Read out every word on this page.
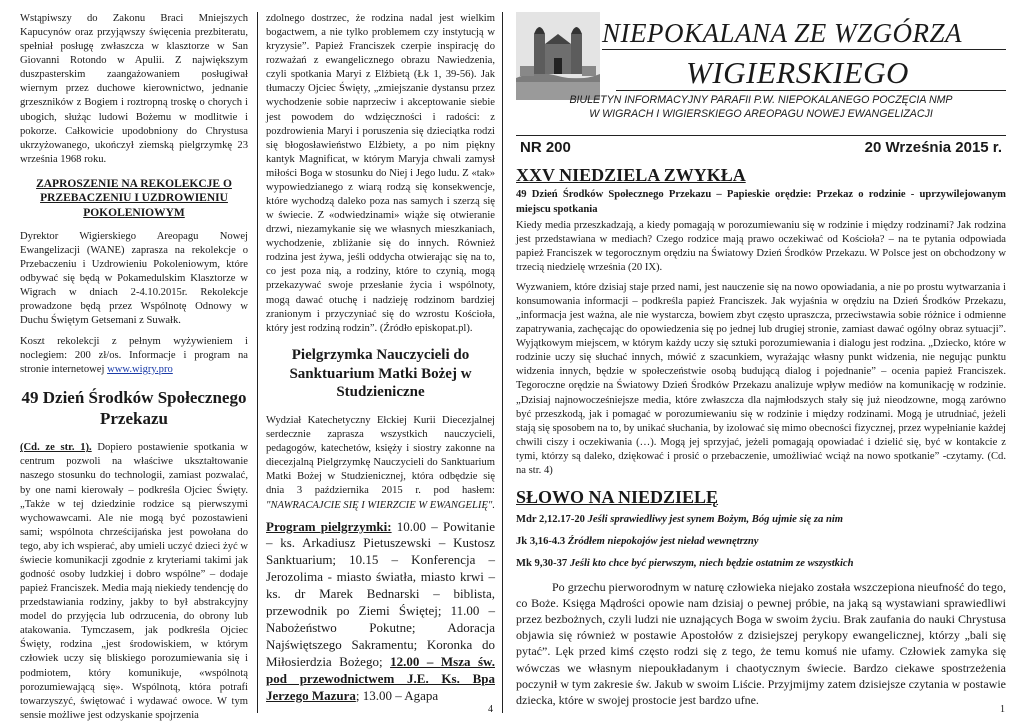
Wstąpiwszy do Zakonu Braci Mniejszych Kapucynów oraz przyjąwszy święcenia prezbiteratu, spełniał posługę zwłaszcza w klasztorze w San Giovanni Rotondo w Apulii. Z największym duszpasterskim zaangażowaniem posługiwał wiernym przez duchowe kierownictwo, jednanie grzeszników z Bogiem i roztropną troskę o chorych i ubogich, służąc ludowi Bożemu w modlitwie i pokorze. Całkowicie upodobniony do Chrystusa ukrzyżowanego, ukończył ziemską pielgrzymkę 23 września 1968 roku.

ZAPROSZENIE NA REKOLEKCJE O PRZEBACZENIU I UZDROWIENIU POKOLENIOWYM

Dyrektor Wigierskiego Areopagu Nowej Ewangelizacji (WANE) zaprasza na rekolekcje o Przebaczeniu i Uzdrowieniu Pokoleniowym, które odbywać się będą w Pokamedulskim Klasztorze w Wigrach w dniach 2-4.10.2015r. Rekolekcje prowadzone będą przez Wspólnotę Odnowy w Duchu Świętym Getsemani z Suwałk.

Koszt rekolekcji z pełnym wyżywieniem i noclegiem: 200 zł/os. Informacje i program na stronie internetowej www.wigry.pro

49 Dzień Środków Społecznego Przekazu

(Cd. ze str. 1). Dopiero postawienie spotkania w centrum pozwoli na właściwe ukształtowanie naszego stosunku do technologii, zamiast pozwalać, by one nami kierowały – podkreśla Ojciec Święty. „Także w tej dziedzinie rodzice są pierwszymi wychowawcami. Ale nie mogą być pozostawieni sami; wspólnota chrześcijańska jest powołana do tego, aby ich wspierać, aby umieli uczyć dzieci żyć w świecie komunikacji zgodnie z kryteriami takimi jak godność osoby ludzkiej i dobro wspólne” – dodaje papież Franciszek. Media mają niekiedy tendencję do przedstawiania rodziny, jakby to był abstrakcyjny model do przyjęcia lub odrzucenia, do obrony lub atakowania. Tymczasem, jak podkreśla Ojciec Święty, rodzina „jest środowiskiem, w którym człowiek uczy się bliskiego porozumiewania się i podmiotem, który komunikuje, «wspólnotą porozumiewającą się». Wspólnotą, która potrafi towarzyszyć, świętować i wydawać owoce. W tym sensie możliwe jest odzyskanie spojrzenia

zdolnego dostrzec, że rodzina nadal jest wielkim bogactwem, a nie tylko problemem czy instytucją w kryzysie”. Papież Franciszek czerpie inspirację do rozważań z ewangelicznego obrazu Nawiedzenia, czyli spotkania Maryi z Elżbietą (Łk 1, 39-56). Jak tłumaczy Ojciec Święty, „zmiejszanie dystansu przez wychodzenie sobie naprzeciw i akceptowanie siebie jest powodem do wdzięczności i radości: z pozdrowienia Maryi i poruszenia się dzieciątka rodzi się błogosławieństwo Elżbiety, a po nim piękny kantyk Magnificat, w którym Maryja chwali zamysł miłości Boga w stosunku do Niej i Jego ludu. Z «tak» wypowiedzianego z wiarą rodzą się konsekwencje, które wychodzą daleko poza nas samych i szerzą się w świecie. Z «odwiedzinami» wiąże się otwieranie drzwi, niezamykanie się we własnych mieszkaniach, wychodzenie, zbliżanie się do innych. Również rodzina jest żywa, jeśli oddycha otwierając się na to, co jest poza nią, a rodziny, które to czynią, mogą przekazywać swoje przesłanie życia i wspólnoty, mogą dawać otuchę i nadzieję rodzinom bardziej zranionym i przyczyniać się do wzrostu Kościoła, który jest rodziną rodzin”. (Źródło episkopat.pl).

Pielgrzymka Nauczycieli do Sanktuarium Matki Bożej w Studzieniczne

Wydział Katechetyczny Ełckiej Kurii Diecezjalnej serdecznie zaprasza wszystkich nauczycieli, pedagogów, katechetów, księży i siostry zakonne na diecezjalną Pielgrzymkę Nauczycieli do Sanktuarium Matki Bożej w Studzienicznej, która odbędzie się dnia 3 października 2015 r. pod hasłem: "NAWRACAJCIE SIĘ I WIERZCIE W EWANGELIĘ".

Program pielgrzymki: 10.00 – Powitanie – ks. Arkadiusz Pietuszewski – Kustosz Sanktuarium; 10.15 – Konferencja – Jerozolima - miasto światła, miasto krwi – ks. dr Marek Bednarski – biblista, przewodnik po Ziemi Świętej; 11.00 – Nabożeństwo Pokutne; Adoracja Najświętszego Sakramentu; Koronka do Miłosierdzia Bożego; 12.00 – Msza św. pod przewodnictwem J.E. Ks. Bpa Jerzego Mazura; 13.00 – Agapa

NIEPOKALANA ZE WZGÓRZA
WIGIERSKIEGO
BIULETYN INFORMACYJNY PARAFII P.W. NIEPOKALANEGO POCZĘCIA NMP
W WIGRACH I WIGIERSKIEGO AREOPAGU NOWEJ EWANGELIZACJI
NR 200	20 Września 2015 r.
XXV NIEDZIELA ZWYKŁA

49 Dzień Środków Społecznego Przekazu – Papieskie orędzie: Przekaz o rodzinie - uprzywilejowanym miejscu spotkania

Kiedy media przeszkadzają, a kiedy pomagają w porozumiewaniu się w rodzinie i między rodzinami? Jak rodzina jest przedstawiana w mediach? Czego rodzice mają prawo oczekiwać od Kościoła? – na te pytania odpowiada papież Franciszek w tegorocznym orędziu na Światowy Dzień Środków Przekazu. W Polsce jest on obchodzony w trzecią niedzielę września (20 IX).

Wyzwaniem, które dzisiaj staje przed nami, jest nauczenie się na nowo opowiadania, a nie po prostu wytwarzania i konsumowania informacji – podkreśla papież Franciszek. Jak wyjaśnia w orędziu na Dzień Środków Przekazu, „informacja jest ważna, ale nie wystarcza, bowiem zbyt często upraszcza, przeciwstawia sobie różnice i odmienne zapatrywania, zachęcając do opowiedzenia się po jednej lub drugiej stronie, zamiast dawać ogólny obraz sytuacji”. Wyjątkowym miejscem, w którym każdy uczy się sztuki porozumiewania i dialogu jest rodzina. „Dziecko, które w rodzinie uczy się słuchać innych, mówić z szacunkiem, wyrażając własny punkt widzenia, nie negując punktu widzenia innych, będzie w społeczeństwie osobą budującą dialog i pojednanie” – ocenia papież Franciszek. Tegoroczne orędzie na Światowy Dzień Środków Przekazu analizuje wpływ mediów na komunikację w rodzinie. „Dzisiaj najnowocześniejsze media, które zwłaszcza dla najmłodszych stały się już nieodzowne, mogą zarówno być przeszkodą, jak i pomagać w porozumiewaniu się w rodzinie i między rodzinami. Mogą je utrudniać, jeżeli stają się sposobem na to, by unikać słuchania, by izolować się mimo obecności fizycznej, przez wypełnianie każdej chwili ciszy i oczekiwania (…). Mogą jej sprzyjać, jeżeli pomagają opowiadać i dzielić się, być w kontakcie z tymi, którzy są daleko, dziękować i prosić o przebaczenie, umożliwiać wciąż na nowo spotkanie” -czytamy. (Cd. na str. 4)

SŁOWO NA NIEDZIELĘ

Mdr 2,12.17-20 Jeśli sprawiedliwy jest synem Bożym, Bóg ujmie się za nim

Jk 3,16-4.3 Źródłem niepokojów jest nieład wewnętrzny

Mk 9,30-37 Jeśli kto chce być pierwszym, niech będzie ostatnim ze wszystkich

Po grzechu pierworodnym w naturę człowieka niejako została wszczepiona nieufność do tego, co Boże. Księga Mądrości opowie nam dzisiaj o pewnej próbie, na jaką są wystawiani sprawiedliwi przez bezbożnych, czyli ludzi nie uznających Boga w swoim życiu. Brak zaufania do nauki Chrystusa objawia się również w postawie Apostołów z dzisiejszej perykopy ewangelicznej, którzy „bali się pytać”. Lęk przed kimś często rodzi się z tego, że temu komuś nie ufamy. Człowiek zamyka się wówczas we własnym niepoukładanym i chaotycznym świecie. Bardzo ciekawe spostrzeżenia poczynił w tym zakresie św. Jakub w swoim Liście. Przyjmijmy zatem dzisiejsze czytania w postawie dziecka, które w swojej prostocie jest bardzo ufne.

4	1
